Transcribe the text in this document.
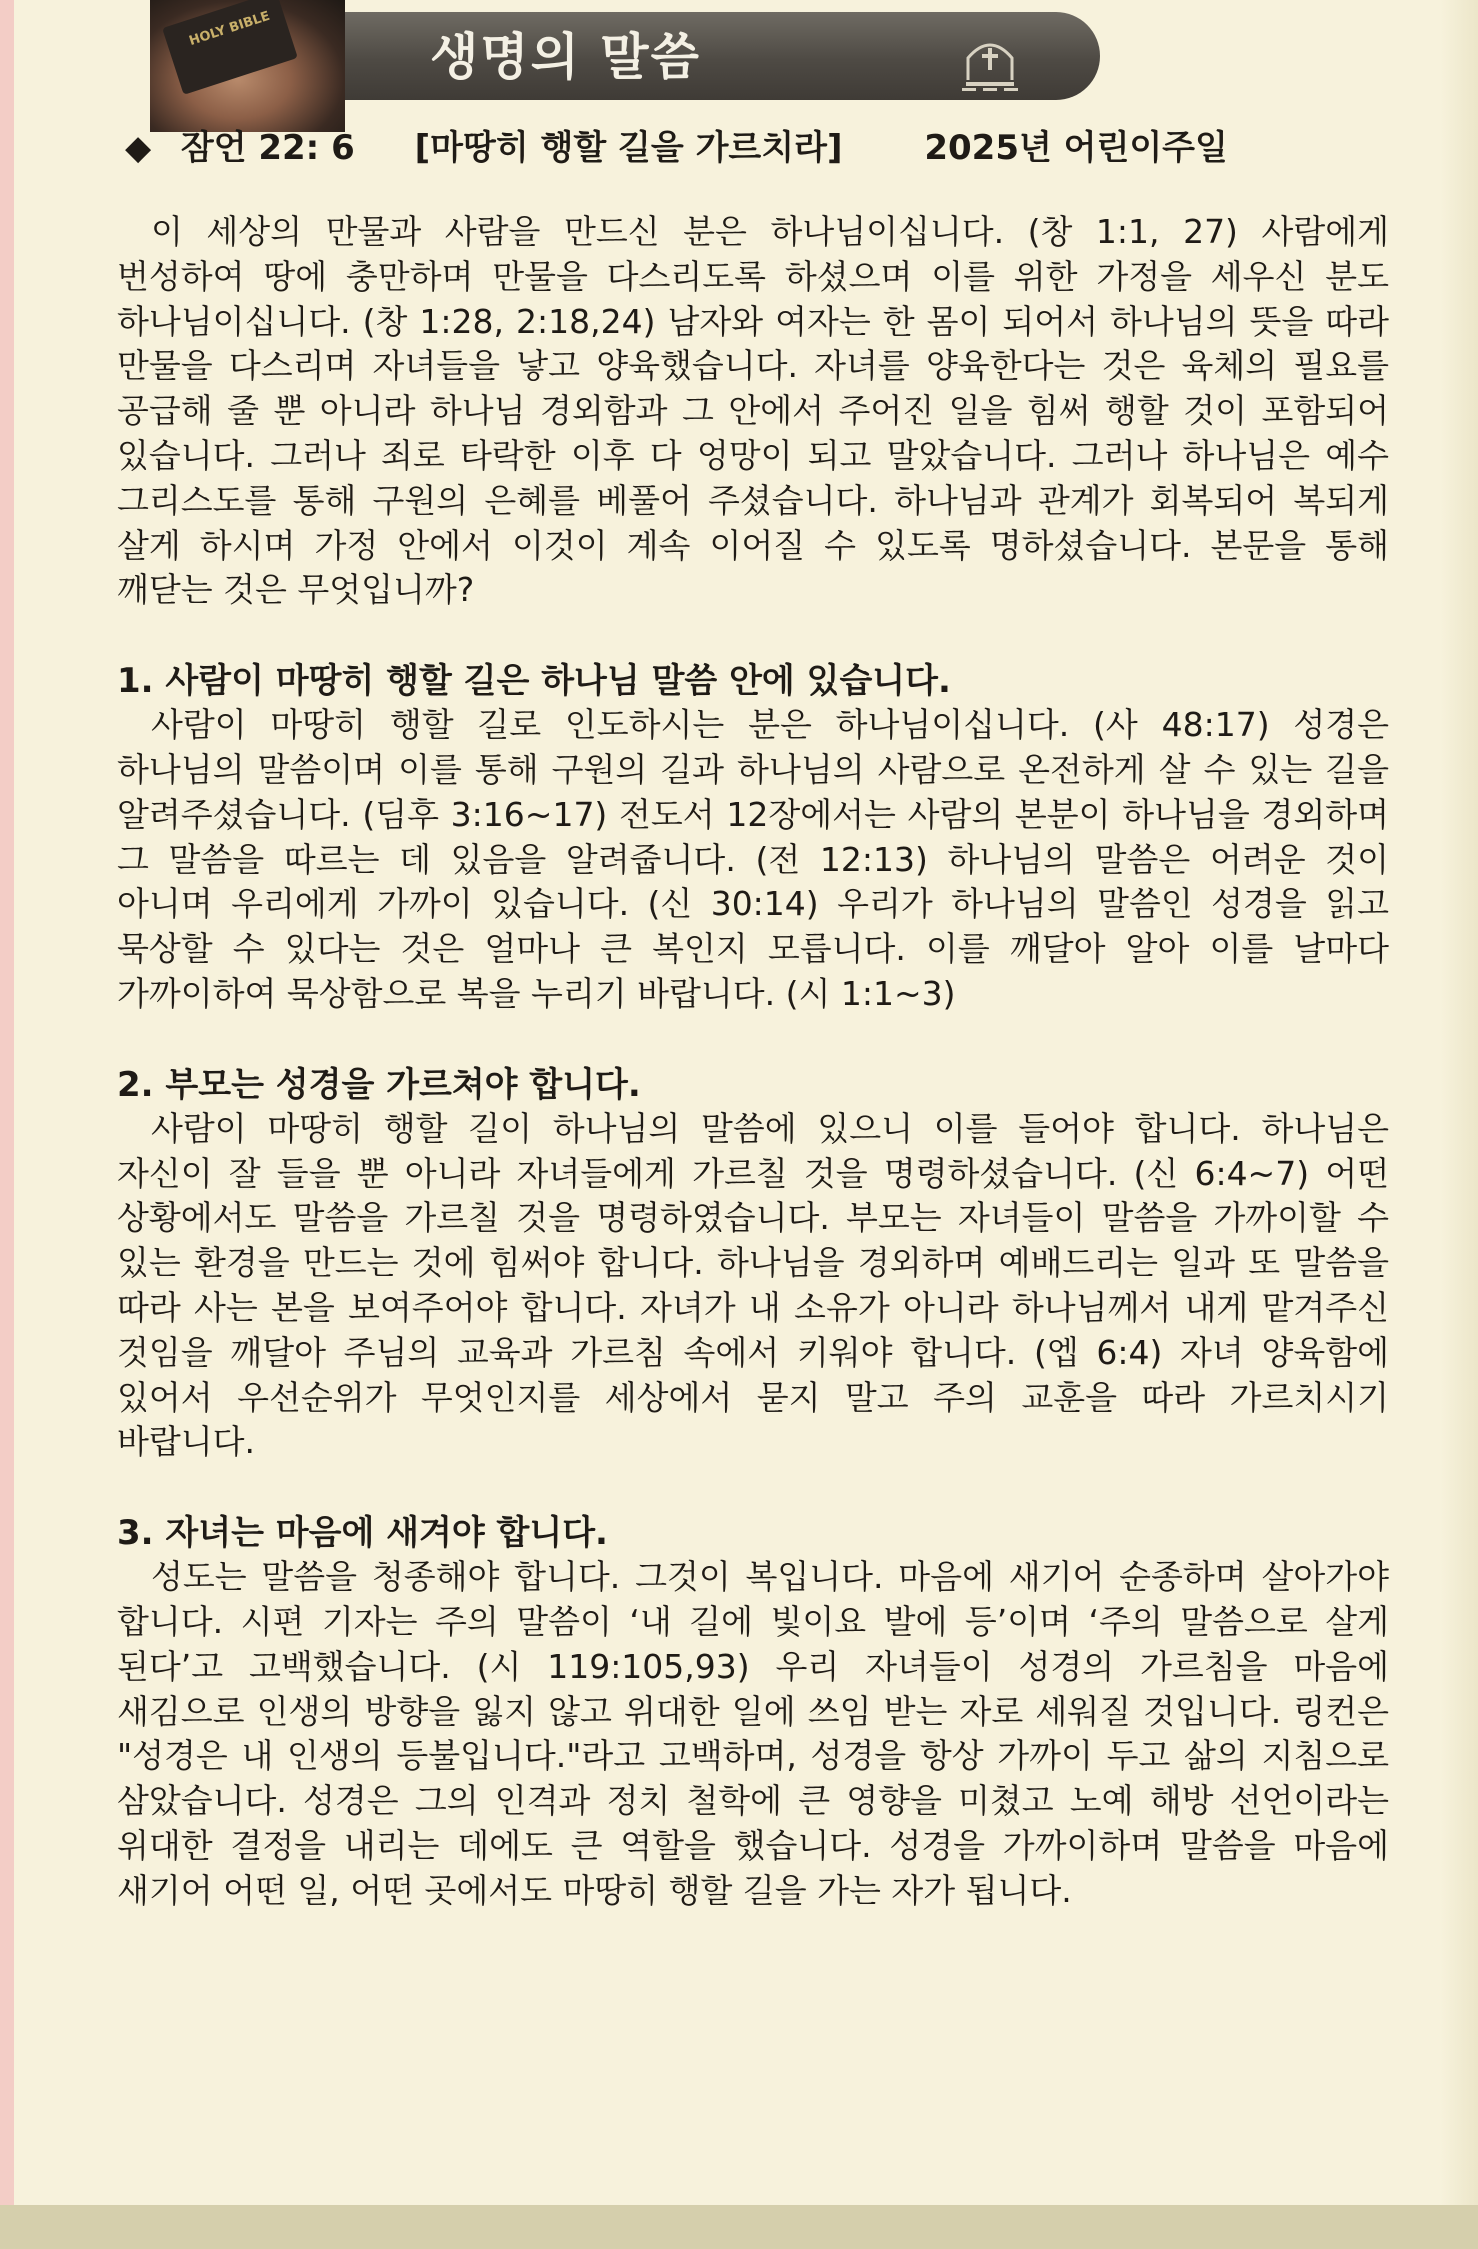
HOLY BIBLE	생명의 말씀
◆ 잠언 22: 6 [마땅히 행할 길을 가르치라] 2025년 어린이주일

이 세상의 만물과 사람을 만드신 분은 하나님이십니다. (창 1:1, 27) 사람에게 번성하여 땅에 충만하며 만물을 다스리도록 하셨으며 이를 위한 가정을 세우신 분도 하나님이십니다. (창 1:28, 2:18,24) 남자와 여자는 한 몸이 되어서 하나님의 뜻을 따라 만물을 다스리며 자녀들을 낳고 양육했습니다. 자녀를 양육한다는 것은 육체의 필요를 공급해 줄 뿐 아니라 하나님 경외함과 그 안에서 주어진 일을 힘써 행할 것이 포함되어 있습니다. 그러나 죄로 타락한 이후 다 엉망이 되고 말았습니다. 그러나 하나님은 예수 그리스도를 통해 구원의 은혜를 베풀어 주셨습니다. 하나님과 관계가 회복되어 복되게 살게 하시며 가정 안에서 이것이 계속 이어질 수 있도록 명하셨습니다. 본문을 통해 깨닫는 것은 무엇입니까?

1. 사람이 마땅히 행할 길은 하나님 말씀 안에 있습니다.

사람이 마땅히 행할 길로 인도하시는 분은 하나님이십니다. (사 48:17) 성경은 하나님의 말씀이며 이를 통해 구원의 길과 하나님의 사람으로 온전하게 살 수 있는 길을 알려주셨습니다. (딤후 3:16~17) 전도서 12장에서는 사람의 본분이 하나님을 경외하며 그 말씀을 따르는 데 있음을 알려줍니다. (전 12:13) 하나님의 말씀은 어려운 것이 아니며 우리에게 가까이 있습니다. (신 30:14) 우리가 하나님의 말씀인 성경을 읽고 묵상할 수 있다는 것은 얼마나 큰 복인지 모릅니다. 이를 깨달아 알아 이를 날마다 가까이하여 묵상함으로 복을 누리기 바랍니다. (시 1:1~3)

2. 부모는 성경을 가르쳐야 합니다.

사람이 마땅히 행할 길이 하나님의 말씀에 있으니 이를 들어야 합니다. 하나님은 자신이 잘 들을 뿐 아니라 자녀들에게 가르칠 것을 명령하셨습니다. (신 6:4~7) 어떤 상황에서도 말씀을 가르칠 것을 명령하였습니다. 부모는 자녀들이 말씀을 가까이할 수 있는 환경을 만드는 것에 힘써야 합니다. 하나님을 경외하며 예배드리는 일과 또 말씀을 따라 사는 본을 보여주어야 합니다. 자녀가 내 소유가 아니라 하나님께서 내게 맡겨주신 것임을 깨달아 주님의 교육과 가르침 속에서 키워야 합니다. (엡 6:4) 자녀 양육함에 있어서 우선순위가 무엇인지를 세상에서 묻지 말고 주의 교훈을 따라 가르치시기 바랍니다.

3. 자녀는 마음에 새겨야 합니다.

성도는 말씀을 청종해야 합니다. 그것이 복입니다. 마음에 새기어 순종하며 살아가야 합니다. 시편 기자는 주의 말씀이 ‘내 길에 빛이요 발에 등’이며 ‘주의 말씀으로 살게 된다’고 고백했습니다. (시 119:105,93) 우리 자녀들이 성경의 가르침을 마음에 새김으로 인생의 방향을 잃지 않고 위대한 일에 쓰임 받는 자로 세워질 것입니다. 링컨은 "성경은 내 인생의 등불입니다."라고 고백하며, 성경을 항상 가까이 두고 삶의 지침으로 삼았습니다. 성경은 그의 인격과 정치 철학에 큰 영향을 미쳤고 노예 해방 선언이라는 위대한 결정을 내리는 데에도 큰 역할을 했습니다. 성경을 가까이하며 말씀을 마음에 새기어 어떤 일, 어떤 곳에서도 마땅히 행할 길을 가는 자가 됩니다.
